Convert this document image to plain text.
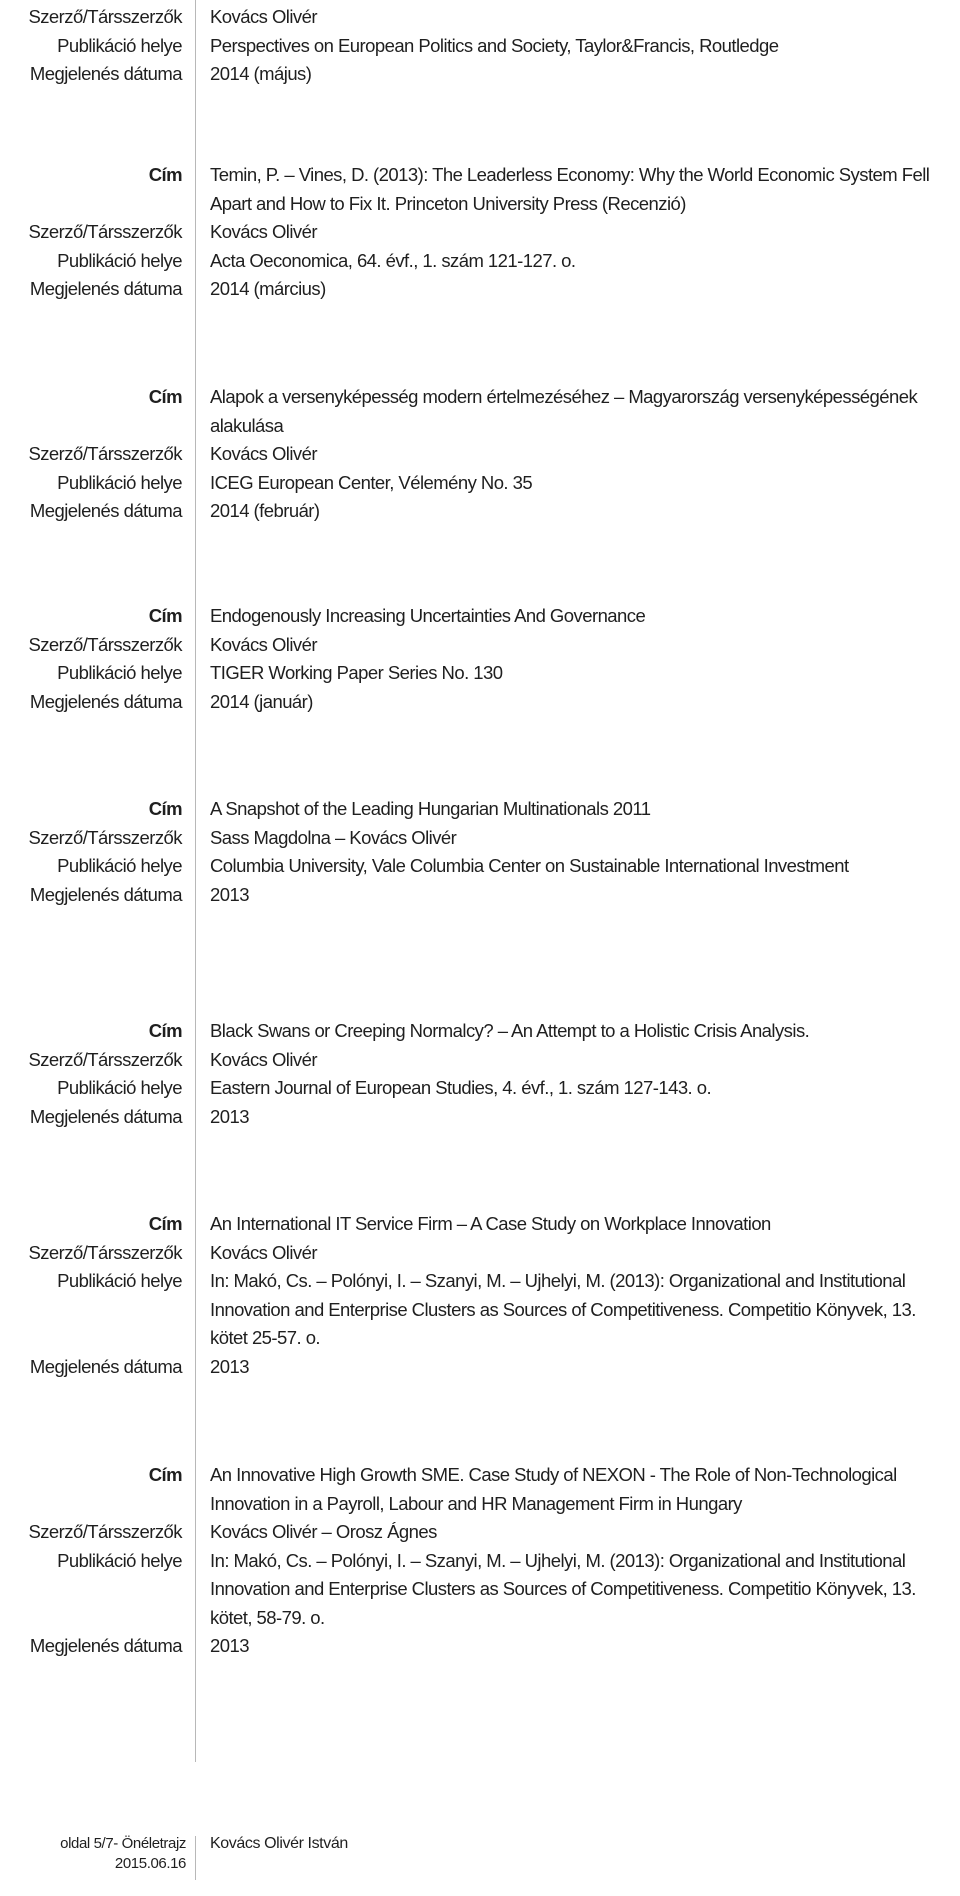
Szerző/Társszerzők Kovács Olivér
Publikáció helye Perspectives on European Politics and Society, Taylor&Francis, Routledge
Megjelenés dátuma 2014 (május)
Cím Temin, P. – Vines, D. (2013): The Leaderless Economy: Why the World Economic System Fell Apart and How to Fix It. Princeton University Press (Recenzió)
Szerző/Társszerzők Kovács Olivér
Publikáció helye Acta Oeconomica, 64. évf., 1. szám 121-127. o.
Megjelenés dátuma 2014 (március)
Cím Alapok a versenyképesség modern értelmezéséhez – Magyarország versenyképességének alakulása
Szerző/Társszerzők Kovács Olivér
Publikáció helye ICEG European Center, Vélemény No. 35
Megjelenés dátuma 2014 (február)
Cím Endogenously Increasing Uncertainties And Governance
Szerző/Társszerzők Kovács Olivér
Publikáció helye TIGER Working Paper Series No. 130
Megjelenés dátuma 2014 (január)
Cím A Snapshot of the Leading Hungarian Multinationals 2011
Szerző/Társszerzők Sass Magdolna – Kovács Olivér
Publikáció helye Columbia University, Vale Columbia Center on Sustainable International Investment
Megjelenés dátuma 2013
Cím Black Swans or Creeping Normalcy? – An Attempt to a Holistic Crisis Analysis.
Szerző/Társszerzők Kovács Olivér
Publikáció helye Eastern Journal of European Studies, 4. évf., 1. szám 127-143. o.
Megjelenés dátuma 2013
Cím An International IT Service Firm – A Case Study on Workplace Innovation
Szerző/Társszerzők Kovács Olivér
Publikáció helye In: Makó, Cs. – Polónyi, I. – Szanyi, M. – Ujhelyi, M. (2013): Organizational and Institutional Innovation and Enterprise Clusters as Sources of Competitiveness. Competitio Könyvek, 13. kötet 25-57. o.
Megjelenés dátuma 2013
Cím An Innovative High Growth SME. Case Study of NEXON - The Role of Non-Technological Innovation in a Payroll, Labour and HR Management Firm in Hungary
Szerző/Társszerzők Kovács Olivér – Orosz Ágnes
Publikáció helye In: Makó, Cs. – Polónyi, I. – Szanyi, M. – Ujhelyi, M. (2013): Organizational and Institutional Innovation and Enterprise Clusters as Sources of Competitiveness. Competitio Könyvek, 13. kötet, 58-79. o.
Megjelenés dátuma 2013
oldal 5/7- Önéletrajz
2015.06.16
Kovács Olivér István
